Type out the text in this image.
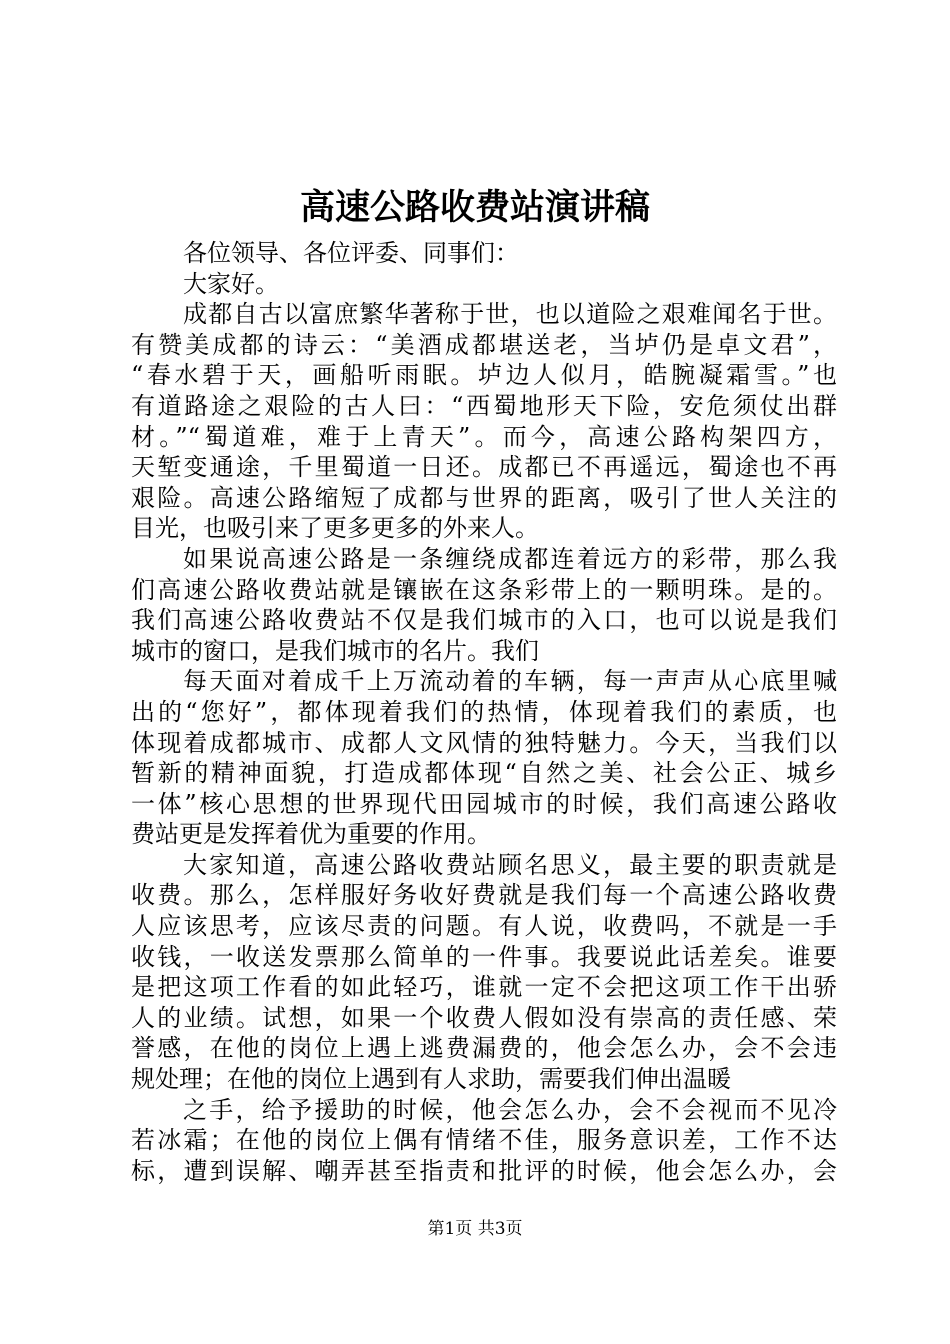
高速公路收费站演讲稿
各位领导、各位评委、同事们：
大家好。
成都自古以富庶繁华著称于世，也以道险之艰难闻名于世。
有赞美成都的诗云：“美酒成都堪送老，当垆仍是卓文君”，
“春水碧于天，画船听雨眠。垆边人似月，皓腕凝霜雪。”也
有道路途之艰险的古人曰：“西蜀地形天下险，安危须仗出群
材。”“蜀道难，难于上青天”。而今，高速公路构架四方，
天堑变通途，千里蜀道一日还。成都已不再遥远，蜀途也不再
艰险。高速公路缩短了成都与世界的距离，吸引了世人关注的
目光，也吸引来了更多更多的外来人。
如果说高速公路是一条缠绕成都连着远方的彩带，那么我
们高速公路收费站就是镶嵌在这条彩带上的一颗明珠。是的。
我们高速公路收费站不仅是我们城市的入口，也可以说是我们
城市的窗口，是我们城市的名片。我们
每天面对着成千上万流动着的车辆，每一声声从心底里喊
出的“您好”，都体现着我们的热情，体现着我们的素质，也
体现着成都城市、成都人文风情的独特魅力。今天，当我们以
暂新的精神面貌，打造成都体现“自然之美、社会公正、城乡
一体”核心思想的世界现代田园城市的时候，我们高速公路收
费站更是发挥着优为重要的作用。
大家知道，高速公路收费站顾名思义，最主要的职责就是
收费。那么，怎样服好务收好费就是我们每一个高速公路收费
人应该思考，应该尽责的问题。有人说，收费吗，不就是一手
收钱，一收送发票那么简单的一件事。我要说此话差矣。谁要
是把这项工作看的如此轻巧，谁就一定不会把这项工作干出骄
人的业绩。试想，如果一个收费人假如没有崇高的责任感、荣
誉感，在他的岗位上遇上逃费漏费的，他会怎么办，会不会违
规处理；在他的岗位上遇到有人求助，需要我们伸出温暖
之手，给予援助的时候，他会怎么办，会不会视而不见冷
若冰霜；在他的岗位上偶有情绪不佳，服务意识差，工作不达
标，遭到误解、嘲弄甚至指责和批评的时候，他会怎么办，会
第1页 共3页
